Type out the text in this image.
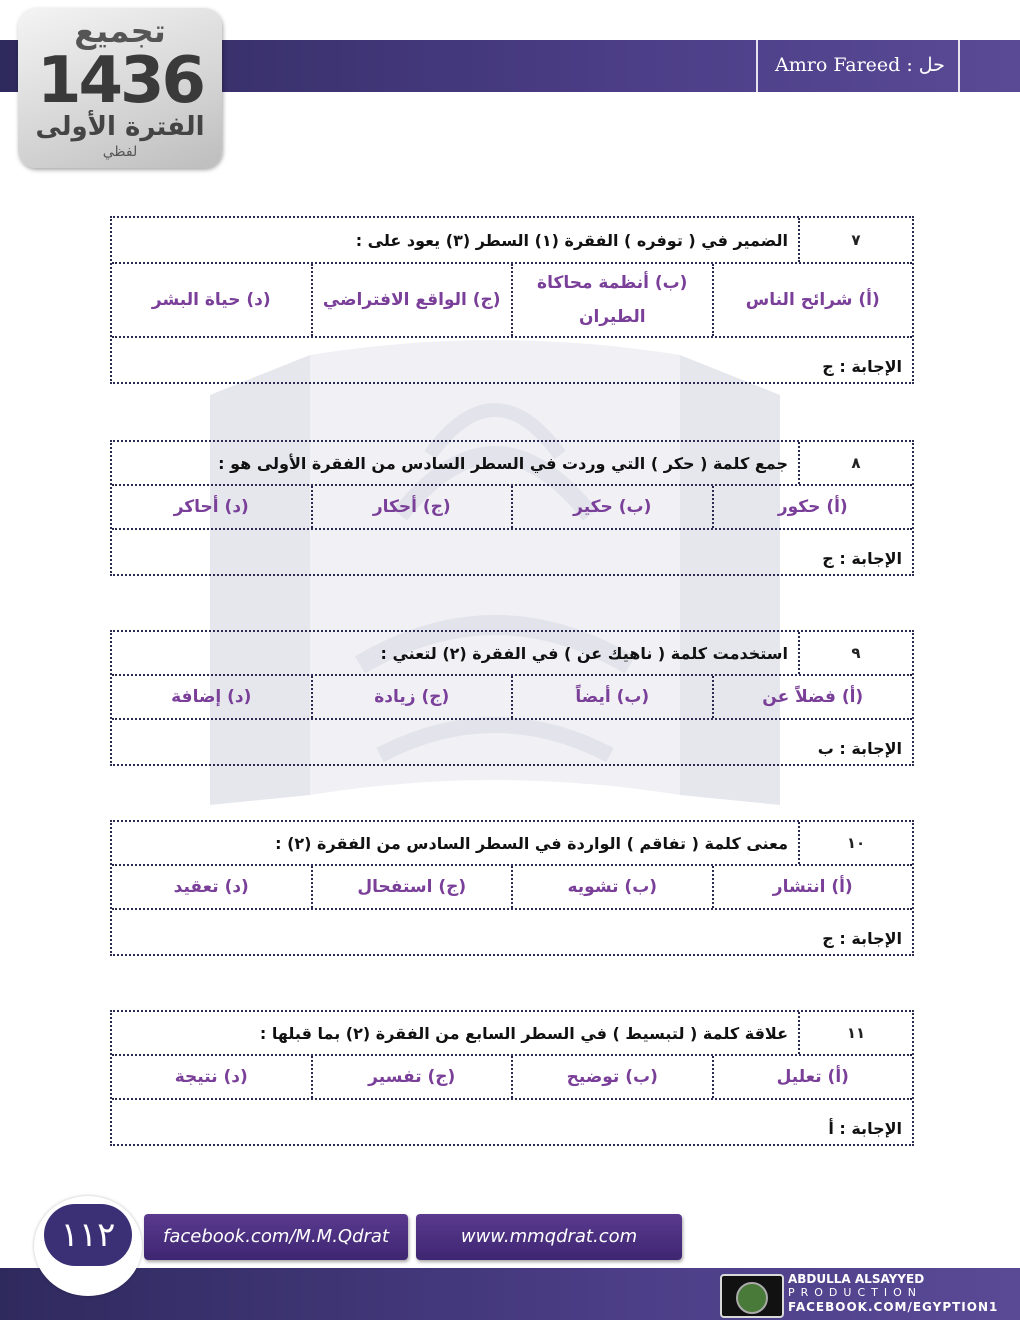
حل : Amro Fareed
تجميع
1436
الفترة الأولى
لفظي
٧
الضمير في ( توفره ) الفقرة (١) السطر (٣) يعود على :
(أ) شرائح الناس
(ب) أنظمة محاكاة الطيران
(ج) الواقع الافتراضي
(د) حياة البشر
الإجابة : ج
٨
جمع كلمة ( حكر ) التي وردت في السطر السادس من الفقرة الأولى هو :
(أ) حكور
(ب) حكير
(ج) أحكار
(د) أحاكر
الإجابة : ج
٩
استخدمت كلمة ( ناهيك عن ) في الفقرة (٢) لتعني :
(أ) فضلاً عن
(ب) أيضاً
(ج) زيادة
(د) إضافة
الإجابة : ب
١٠
معنى كلمة ( تفاقم ) الواردة في السطر السادس من الفقرة (٢) :
(أ) انتشار
(ب) تشويه
(ج) استفحال
(د) تعقيد
الإجابة : ج
١١
علاقة كلمة ( لتبسيط ) في السطر السابع من الفقرة (٢) بما قبلها :
(أ) تعليل
(ب) توضيح
(ج) تفسير
(د) نتيجة
الإجابة : أ
١١٢	facebook.com/M.M.Qdrat	www.mmqdrat.com
ABDULLA ALSAYYED
PRODUCTION
FACEBOOK.COM/EGYPTION1
